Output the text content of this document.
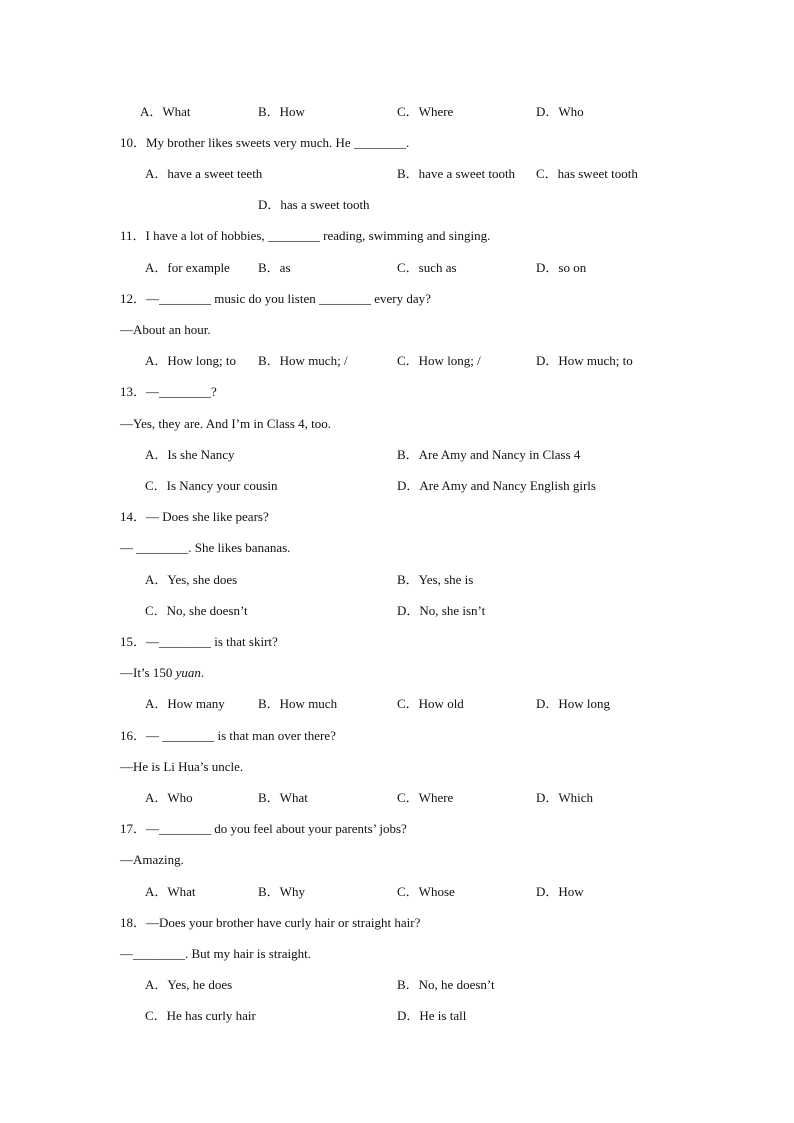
A．What	B．How	C．Where	D．Who
10．My brother likes sweets very much. He ________.
A．have a sweet teeth	B．have a sweet tooth C．has sweet tooth
D．has a sweet tooth
11．I have a lot of hobbies, ________ reading, swimming and singing.
A．for example B．as	C．such as	D．so on
12．—________ music do you listen ________ every day?
—About an hour.
A．How long; to B．How much; /	C．How long; /	D．How much; to
13．—________?
—Yes, they are. And I’m in Class 4, too.
A．Is she Nancy	B．Are Amy and Nancy in Class 4
C．Is Nancy your cousin	D．Are Amy and Nancy English girls
14．— Does she like pears?
— ________. She likes bananas.
A．Yes, she does	B．Yes, she is
C．No, she doesn’t	D．No, she isn’t
15．—________ is that skirt?
—It’s 150 yuan.
A．How many	B．How much	C．How old	D．How long
16．— ________ is that man over there?
—He is Li Hua’s uncle.
A．Who	B．What	C．Where	D．Which
17．—________ do you feel about your parents’ jobs?
—Amazing.
A．What	B．Why	C．Whose	D．How
18．—Does your brother have curly hair or straight hair?
—________. But my hair is straight.
A．Yes, he does	B．No, he doesn’t
C．He has curly hair	D．He is tall
